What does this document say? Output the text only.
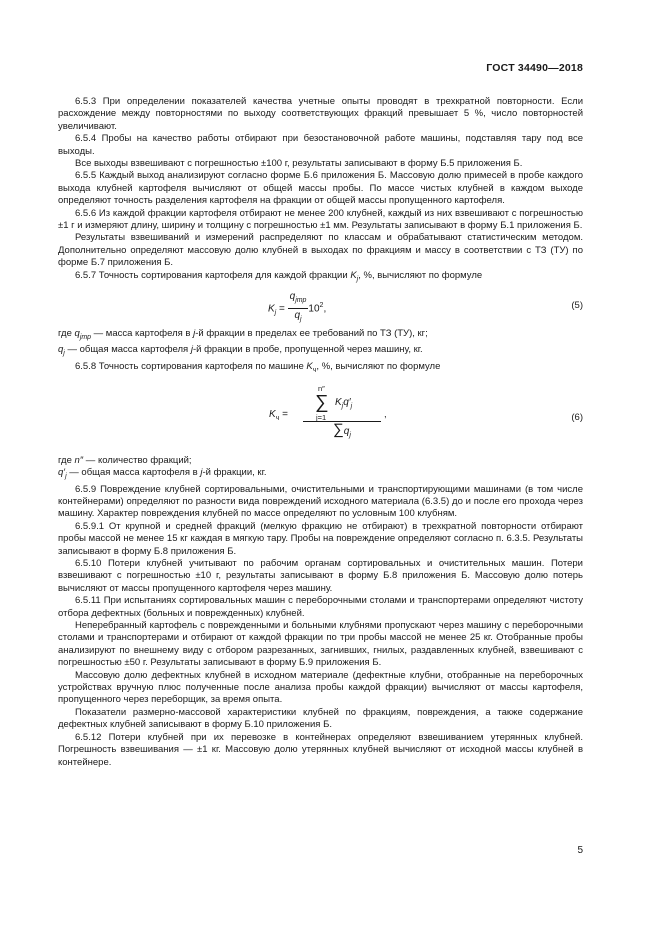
ГОСТ 34490—2018

6.5.3 При определении показателей качества учетные опыты проводят в трехкратной повторности. Если расхождение между повторностями по выходу соответствующих фракций превышает 5 %, число повторностей увеличивают.

6.5.4 Пробы на качество работы отбирают при безостановочной работе машины, подставляя тару под все выходы.

Все выходы взвешивают с погрешностью ±100 г, результаты записывают в форму Б.5 приложения Б.

6.5.5 Каждый выход анализируют согласно форме Б.6 приложения Б. Массовую долю примесей в пробе каждого выхода клубней картофеля вычисляют от общей массы пробы. По массе чистых клубней в каждом выходе определяют точность разделения картофеля на фракции от общей массы пропущенного картофеля.

6.5.6 Из каждой фракции картофеля отбирают не менее 200 клубней, каждый из них взвешивают с погрешностью ±1 г и измеряют длину, ширину и толщину с погрешностью ±1 мм. Результаты записывают в форму Б.1 приложения Б.

Результаты взвешиваний и измерений распределяют по классам и обрабатывают статистическим методом. Дополнительно определяют массовую долю клубней в выходах по фракциям и массу в соответствии с ТЗ (ТУ) по форме Б.7 приложения Б.

6.5.7 Точность сортирования картофеля для каждой фракции $K_j$, %, вычисляют по формуле

$K_j = \frac{q_{jтр}}{q_j} 10^2$,	(5)

где $q_{jтр}$ — масса картофеля в j-й фракции в пределах ее требований по ТЗ (ТУ), кг;

$q_j$ — общая масса картофеля j-й фракции в пробе, пропущенной через машину, кг.

6.5.8 Точность сортирования картофеля по машине $K_ч$, %, вычисляют по формуле

$K_ч$ =
n″
∑
j=1
$K_jq'_j$
$\sum q_j$
,	(6)

где n″ — количество фракций;

$q'_j$ — общая масса картофеля в j-й фракции, кг.

6.5.9 Повреждение клубней сортировальными, очистительными и транспортирующими машинами (в том числе контейнерами) определяют по разности вида повреждений исходного материала (6.3.5) до и после его прохода через машину. Характер повреждения клубней по массе определяют по условным 100 клубням.

6.5.9.1 От крупной и средней фракций (мелкую фракцию не отбирают) в трехкратной повторности отбирают пробы массой не менее 15 кг каждая в мягкую тару. Пробы на повреждение определяют согласно п. 6.3.5. Результаты записывают в форму Б.8 приложения Б.

6.5.10 Потери клубней учитывают по рабочим органам сортировальных и очистительных машин. Потери взвешивают с погрешностью ±10 г, результаты записывают в форму Б.8 приложения Б. Массовую долю потерь вычисляют от массы пропущенного картофеля через машину.

6.5.11 При испытаниях сортировальных машин с переборочными столами и транспортерами определяют чистоту отбора дефектных (больных и поврежденных) клубней.

Неперебранный картофель с поврежденными и больными клубнями пропускают через машину с переборочными столами и транспортерами и отбирают от каждой фракции по три пробы массой не менее 25 кг. Отобранные пробы анализируют по внешнему виду с отбором разрезанных, загнивших, гнилых, раздавленных клубней, взвешивают с погрешностью ±50 г. Результаты записывают в форму Б.9 приложения Б.

Массовую долю дефектных клубней в исходном материале (дефектные клубни, отобранные на переборочных устройствах вручную плюс полученные после анализа пробы каждой фракции) вычисляют от массы картофеля, пропущенного через переборщик, за время опыта.

Показатели размерно-массовой характеристики клубней по фракциям, повреждения, а также содержание дефектных клубней записывают в форму Б.10 приложения Б.

6.5.12 Потери клубней при их перевозке в контейнерах определяют взвешиванием утерянных клубней. Погрешность взвешивания — ±1 кг. Массовую долю утерянных клубней вычисляют от исходной массы клубней в контейнере.

5
